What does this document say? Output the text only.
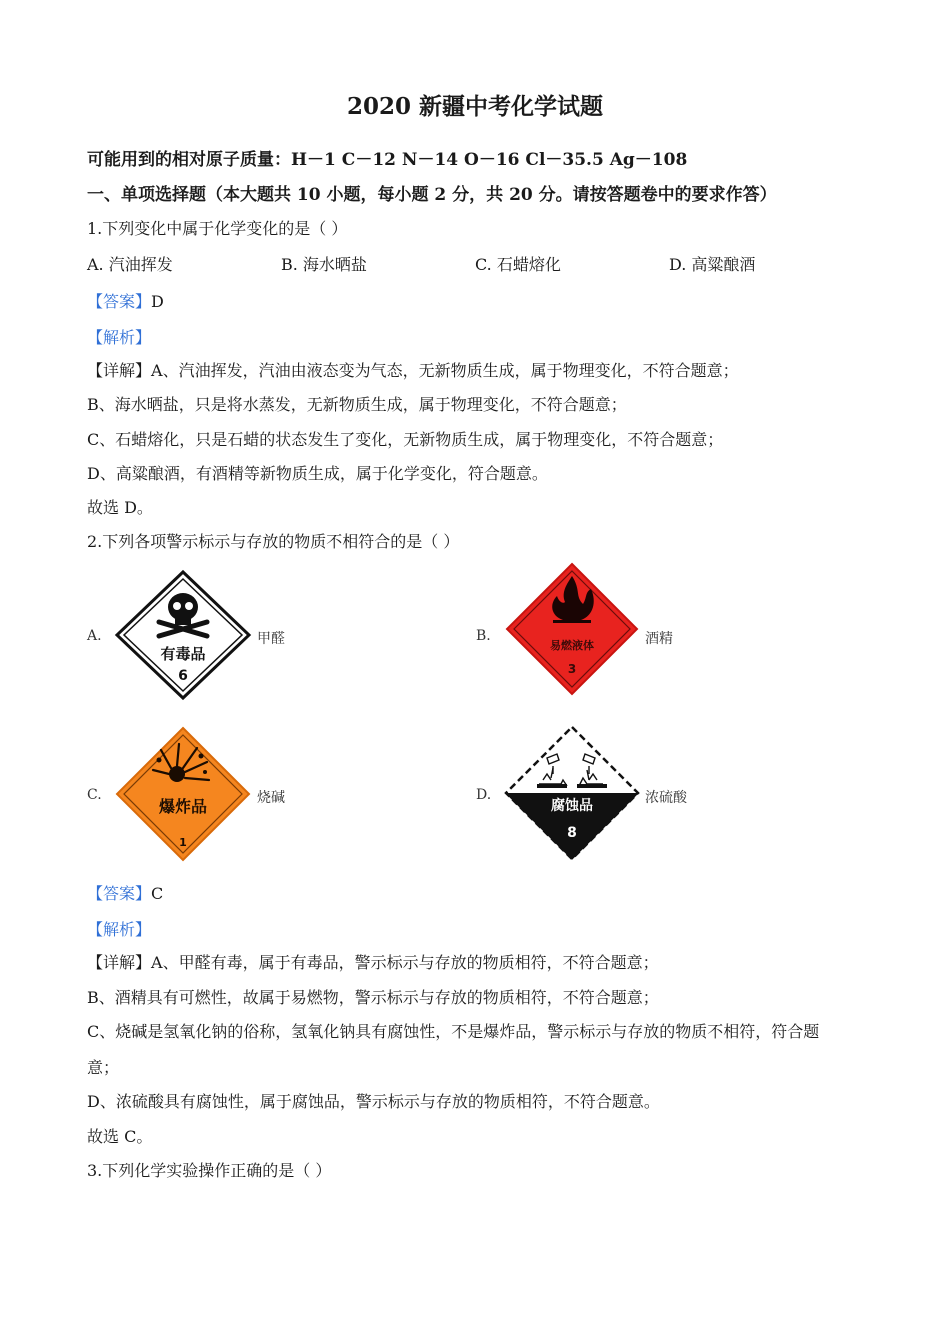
2020 新疆中考化学试题
可能用到的相对原子质量：H－1 C－12 N－14 O－16 Cl－35.5 Ag－108
一、单项选择题（本大题共 10 小题，每小题 2 分，共 20 分。请按答题卷中的要求作答）
1.下列变化中属于化学变化的是（ ）
A. 汽油挥发	B. 海水晒盐	C. 石蜡熔化	D. 高粱酿酒
【答案】D
【解析】
【详解】A、汽油挥发，汽油由液态变为气态，无新物质生成，属于物理变化，不符合题意；
B、海水晒盐，只是将水蒸发，无新物质生成，属于物理变化，不符合题意；
C、石蜡熔化，只是石蜡的状态发生了变化，无新物质生成，属于物理变化，不符合题意；
D、高粱酿酒，有酒精等新物质生成，属于化学变化，符合题意。
故选 D。
2.下列各项警示标示与存放的物质不相符合的是（ ）
A.
有毒品
6
甲醛	B.
易燃液体
3
酒精
C.
爆炸品
1
烧碱	D.
腐蚀品
8
浓硫酸
【答案】C
【解析】
【详解】A、甲醛有毒，属于有毒品，警示标示与存放的物质相符，不符合题意；
B、酒精具有可燃性，故属于易燃物，警示标示与存放的物质相符，不符合题意；
C、烧碱是氢氧化钠的俗称，氢氧化钠具有腐蚀性，不是爆炸品，警示标示与存放的物质不相符，符合题
意；
D、浓硫酸具有腐蚀性，属于腐蚀品，警示标示与存放的物质相符，不符合题意。
故选 C。
3.下列化学实验操作正确的是（ ）
